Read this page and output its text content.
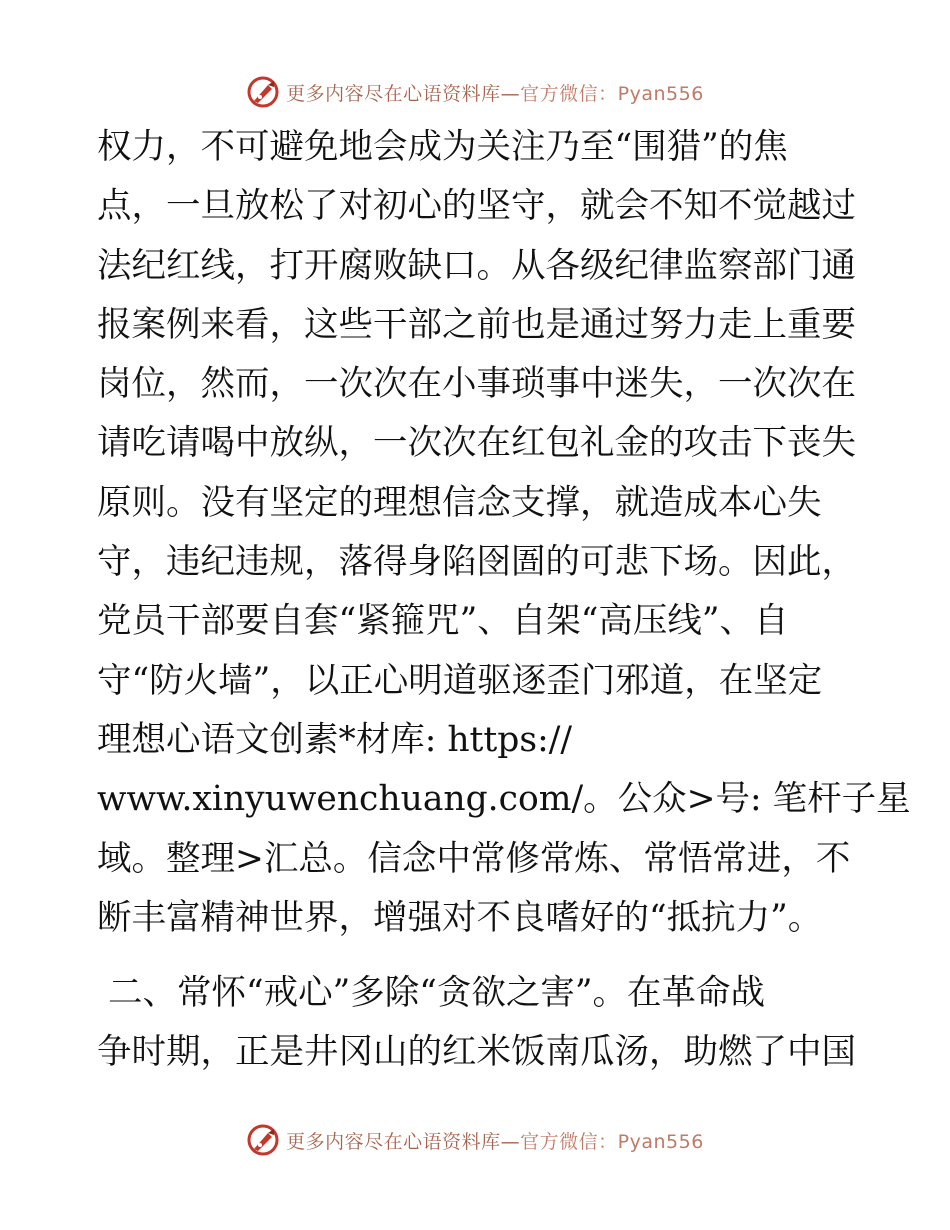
更多内容尽在心语资料库—官方微信：Pyan556
权力，不可避免地会成为关注乃至“围猎”的焦
点，一旦放松了对初心的坚守，就会不知不觉越过
法纪红线，打开腐败缺口。从各级纪律监察部门通
报案例来看，这些干部之前也是通过努力走上重要
岗位，然而，一次次在小事琐事中迷失，一次次在
请吃请喝中放纵，一次次在红包礼金的攻击下丧失
原则。没有坚定的理想信念支撑，就造成本心失
守，违纪违规，落得身陷囹圄的可悲下场。因此，
党员干部要自套“紧箍咒”、自架“高压线”、自
守“防火墙”，以正心明道驱逐歪门邪道，在坚定
理想心语文创素*材库: https://
www.xinyuwenchuang.com/。公众>号: 笔杆子星
域。整理>汇总。信念中常修常炼、常悟常进，不
断丰富精神世界，增强对不良嗜好的“抵抗力”。
二、常怀“戒心”多除“贪欲之害”。在革命战
争时期，正是井冈山的红米饭南瓜汤，助燃了中国
更多内容尽在心语资料库—官方微信：Pyan556
